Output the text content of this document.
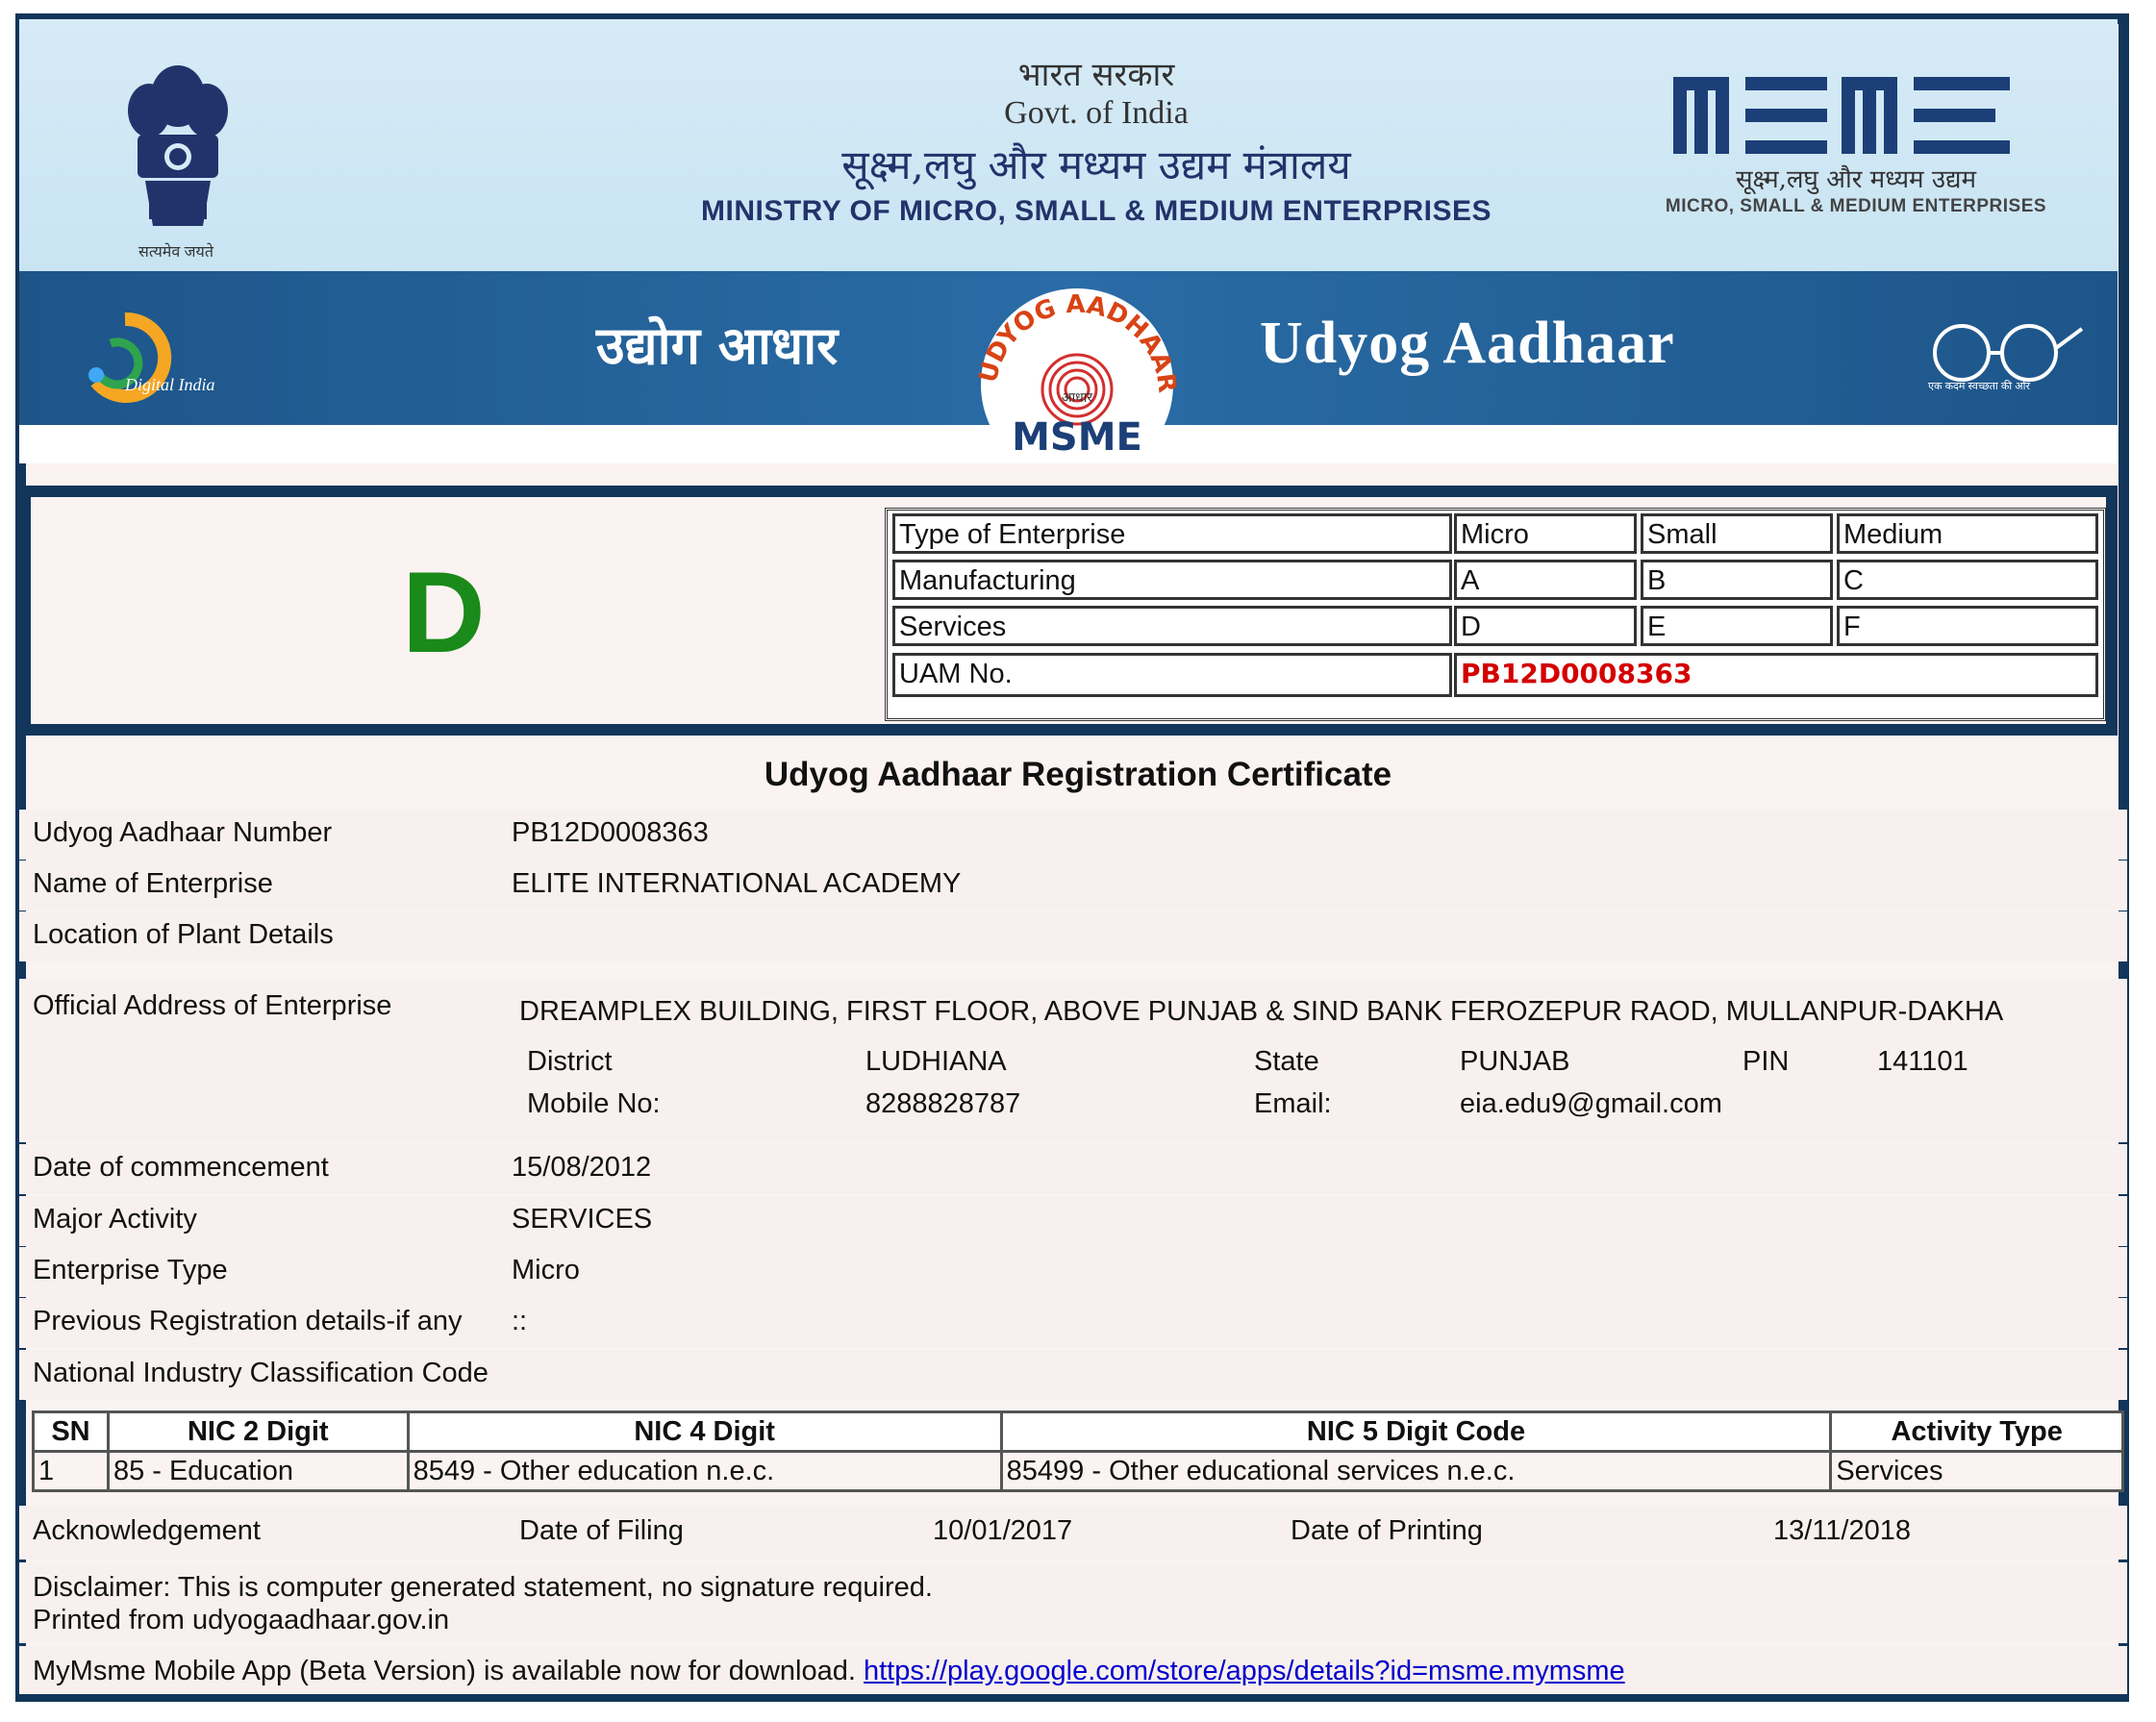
सत्यमेव जयते
भारत सरकार
Govt. of India
सूक्ष्म,लघु और मध्यम उद्यम मंत्रालय
MINISTRY OF MICRO, SMALL & MEDIUM ENTERPRISES
सूक्ष्म,लघु और मध्यम उद्यम
MICRO, SMALL & MEDIUM ENTERPRISES
Digital India
उद्योग आधार	Udyog Aadhaar
एक कदम स्वच्छता की ओर
UDYOG AADHAAR
आधार
MSME
D
Type of Enterprise	Micro	Small	Medium
Manufacturing	A	B	C
Services	D	E	F
UAM No.	PB12D0008363
Udyog Aadhaar Registration Certificate
Udyog Aadhaar Number	PB12D0008363
Name of Enterprise	ELITE INTERNATIONAL ACADEMY
Location of Plant Details
Official Address of Enterprise	DREAMPLEX BUILDING, FIRST FLOOR, ABOVE PUNJAB & SIND BANK FEROZEPUR RAOD, MULLANPUR-DAKHA
District	LUDHIANA	State	PUNJAB	PIN	141101
Mobile No:	8288828787	Email:	eia.edu9@gmail.com
Date of commencement	15/08/2012
Major Activity	SERVICES
Enterprise Type	Micro
Previous Registration details-if any ::
National Industry Classification Code
SN	NIC 2 Digit	NIC 4 Digit	NIC 5 Digit Code	Activity Type
1	85 - Education	8549 - Other education n.e.c.	85499 - Other educational services n.e.c.	Services
Acknowledgement	Date of Filing	10/01/2017	Date of Printing	13/11/2018
Disclaimer: This is computer generated statement, no signature required.
Printed from udyogaadhaar.gov.in
MyMsme Mobile App (Beta Version) is available now for download. https://play.google.com/store/apps/details?id=msme.mymsme
